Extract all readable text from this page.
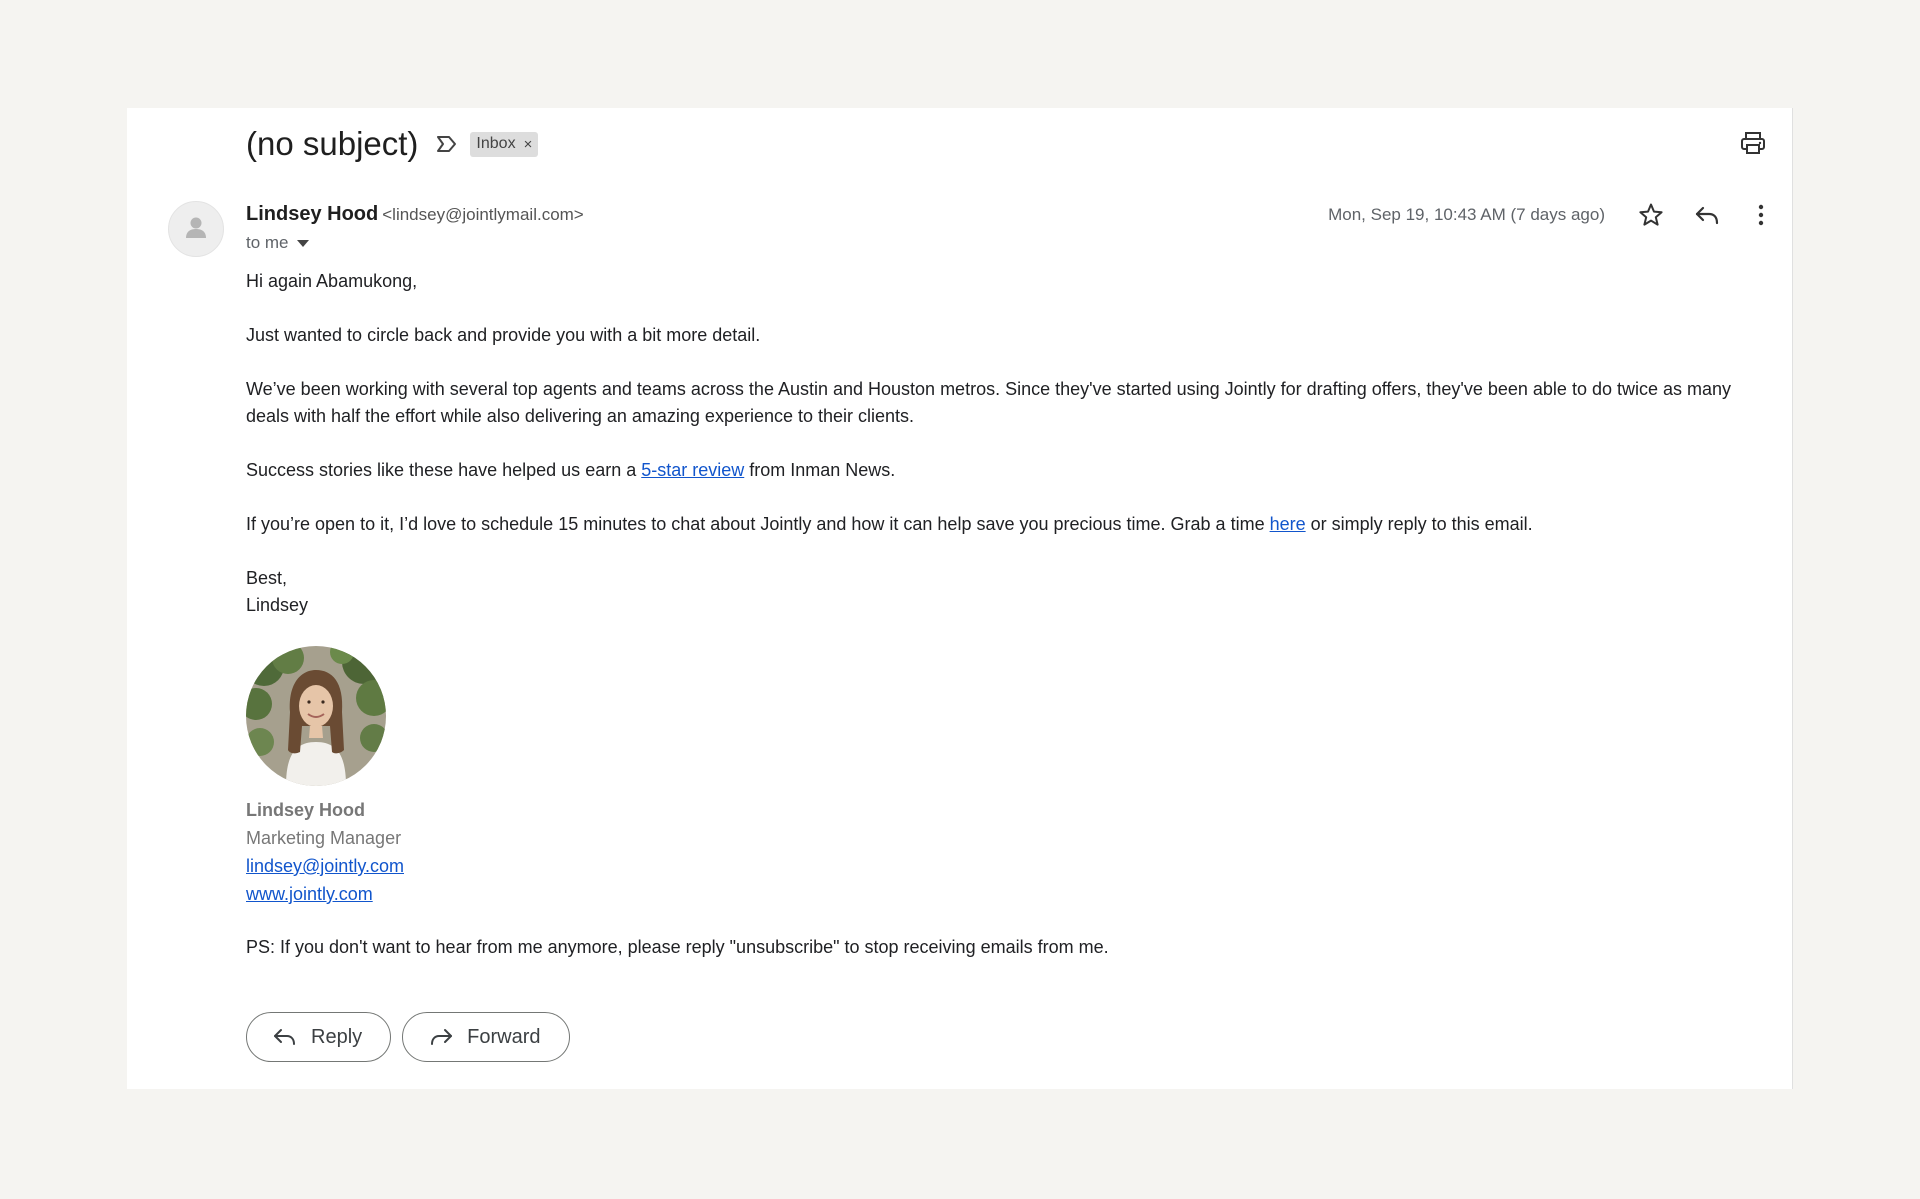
(no subject)	Inbox ×
Lindsey Hood <lindsey@jointlymail.com>
to me
Mon, Sep 19, 10:43 AM (7 days ago)

Hi again Abamukong,

Just wanted to circle back and provide you with a bit more detail.

We’ve been working with several top agents and teams across the Austin and Houston metros. Since they've started using Jointly for drafting offers, they've been able to do twice as many deals with half the effort while also delivering an amazing experience to their clients.

Success stories like these have helped us earn a 5-star review from Inman News.

If you’re open to it, I’d love to schedule 15 minutes to chat about Jointly and how it can help save you precious time. Grab a time here or simply reply to this email.

Best,
Lindsey

Lindsey Hood
Marketing Manager
lindsey@jointly.com
www.jointly.com

PS: If you don't want to hear from me anymore, please reply "unsubscribe" to stop receiving emails from me.

Reply	Forward
